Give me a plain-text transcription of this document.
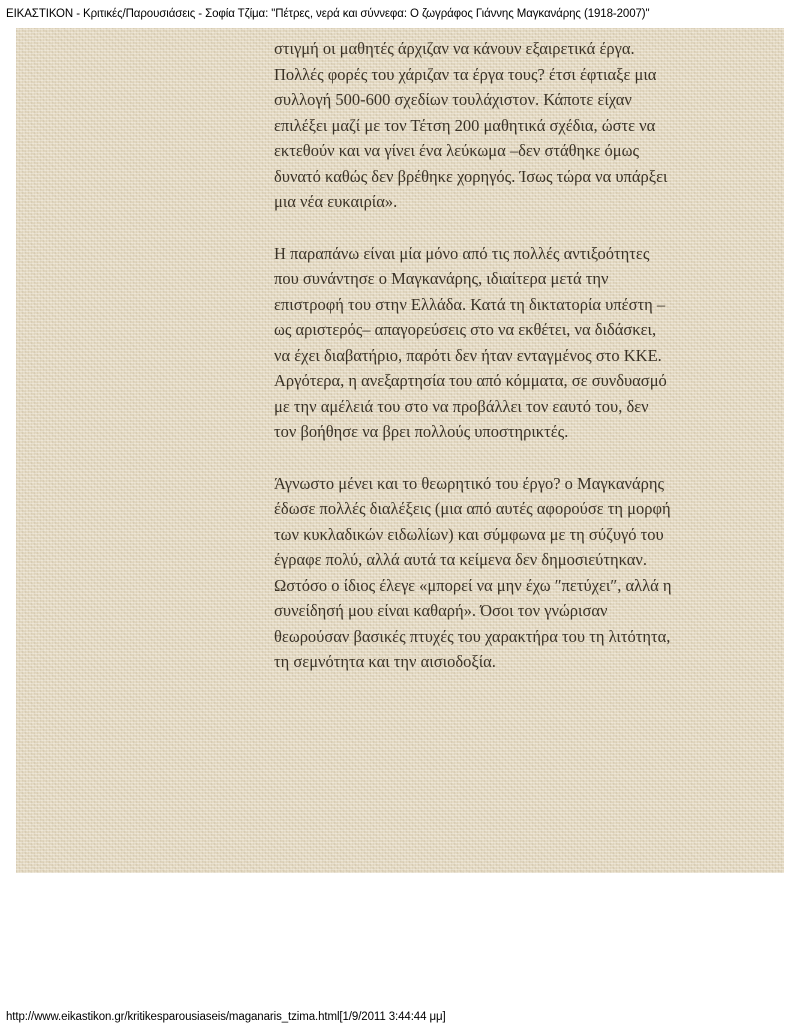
ΕΙΚΑΣΤΙΚΟΝ - Κριτικές/Παρουσιάσεις - Σοφία Τζίμα: "Πέτρες, νερά και σύννεφα: Ο ζωγράφος Γιάννης Μαγκανάρης (1918-2007)"

στιγμή οι μαθητές άρχιζαν να κάνουν εξαιρετικά έργα. Πολλές φορές του χάριζαν τα έργα τους? έτσι έφτιαξε μια συλλογή 500-600 σχεδίων τουλάχιστον. Κάποτε είχαν επιλέξει μαζί με τον Τέτση 200 μαθητικά σχέδια, ώστε να εκτεθούν και να γίνει ένα λεύκωμα –δεν στάθηκε όμως δυνατό καθώς δεν βρέθηκε χορηγός. Ίσως τώρα να υπάρξει μια νέα ευκαιρία».

Η παραπάνω είναι μία μόνο από τις πολλές αντιξοότητες που συνάντησε ο Μαγκανάρης, ιδιαίτερα μετά την επιστροφή του στην Ελλάδα. Κατά τη δικτατορία υπέστη –ως αριστερός– απαγορεύσεις στο να εκθέτει, να διδάσκει, να έχει διαβατήριο, παρότι δεν ήταν ενταγμένος στο ΚΚΕ. Αργότερα, η ανεξαρτησία του από κόμματα, σε συνδυασμό με την αμέλειά του στο να προβάλλει τον εαυτό του, δεν τον βοήθησε να βρει πολλούς υποστηρικτές.

Άγνωστο μένει και το θεωρητικό του έργο? ο Μαγκανάρης έδωσε πολλές διαλέξεις (μια από αυτές αφορούσε τη μορφή των κυκλαδικών ειδωλίων) και σύμφωνα με τη σύζυγό του έγραφε πολύ, αλλά αυτά τα κείμενα δεν δημοσιεύτηκαν. Ωστόσο ο ίδιος έλεγε «μπορεί να μην έχω ″πετύχει″, αλλά η συνείδησή μου είναι καθαρή». Όσοι τον γνώρισαν θεωρούσαν βασικές πτυχές του χαρακτήρα του τη λιτότητα, τη σεμνότητα και την αισιοδοξία.

http://www.eikastikon.gr/kritikesparousiaseis/maganaris_tzima.html[1/9/2011 3:44:44 μμ]
